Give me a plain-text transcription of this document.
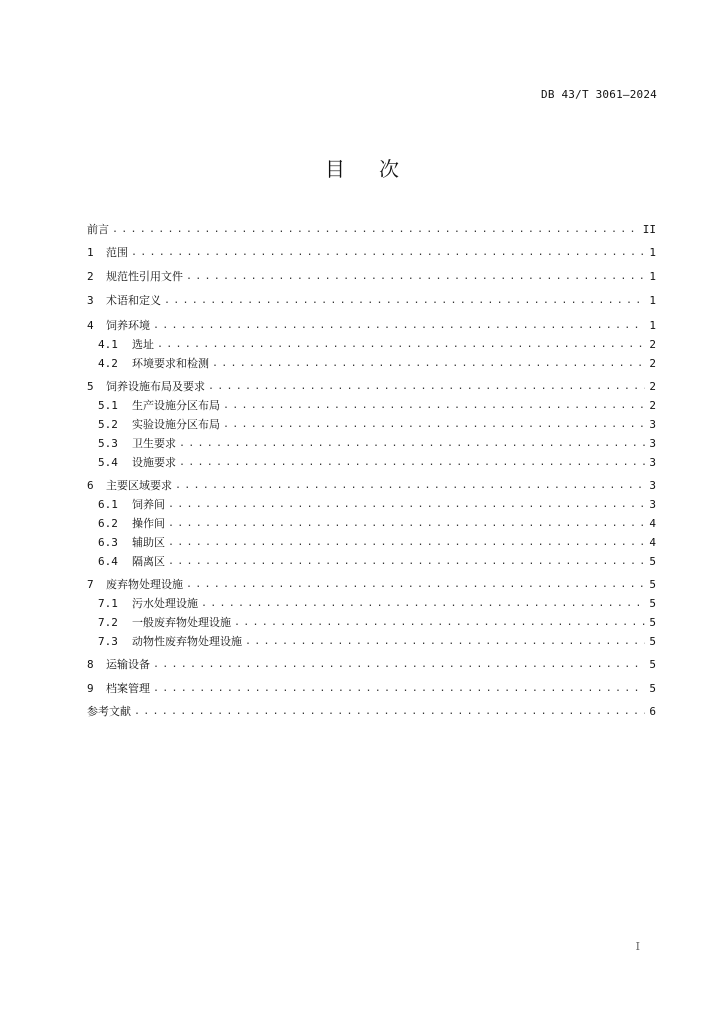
DB 43/T 3061—2024
目 次
前言 . . .	II
1	范围 . . .	1
2	规范性引用文件 . . .	1
3	术语和定义 . . .	1
4	饲养环境 . . .	1
4.1	选址 . . .	2
4.2	环境要求和检测 . . .	2
5	饲养设施布局及要求 . . .	2
5.1	生产设施分区布局 . . .	2
5.2	实验设施分区布局 . . .	3
5.3	卫生要求 . . .	3
5.4	设施要求 . . .	3
6	主要区域要求 . . .	3
6.1	饲养间 . . .	3
6.2	操作间 . . .	4
6.3	辅助区 . . .	4
6.4	隔离区 . . .	5
7	废弃物处理设施 . . .	5
7.1	污水处理设施 . . .	5
7.2	一般废弃物处理设施 . . .	5
7.3	动物性废弃物处理设施 . . .	5
8	运输设备 . . .	5
9	档案管理 . . .	5
参考文献 . . .	6
I
